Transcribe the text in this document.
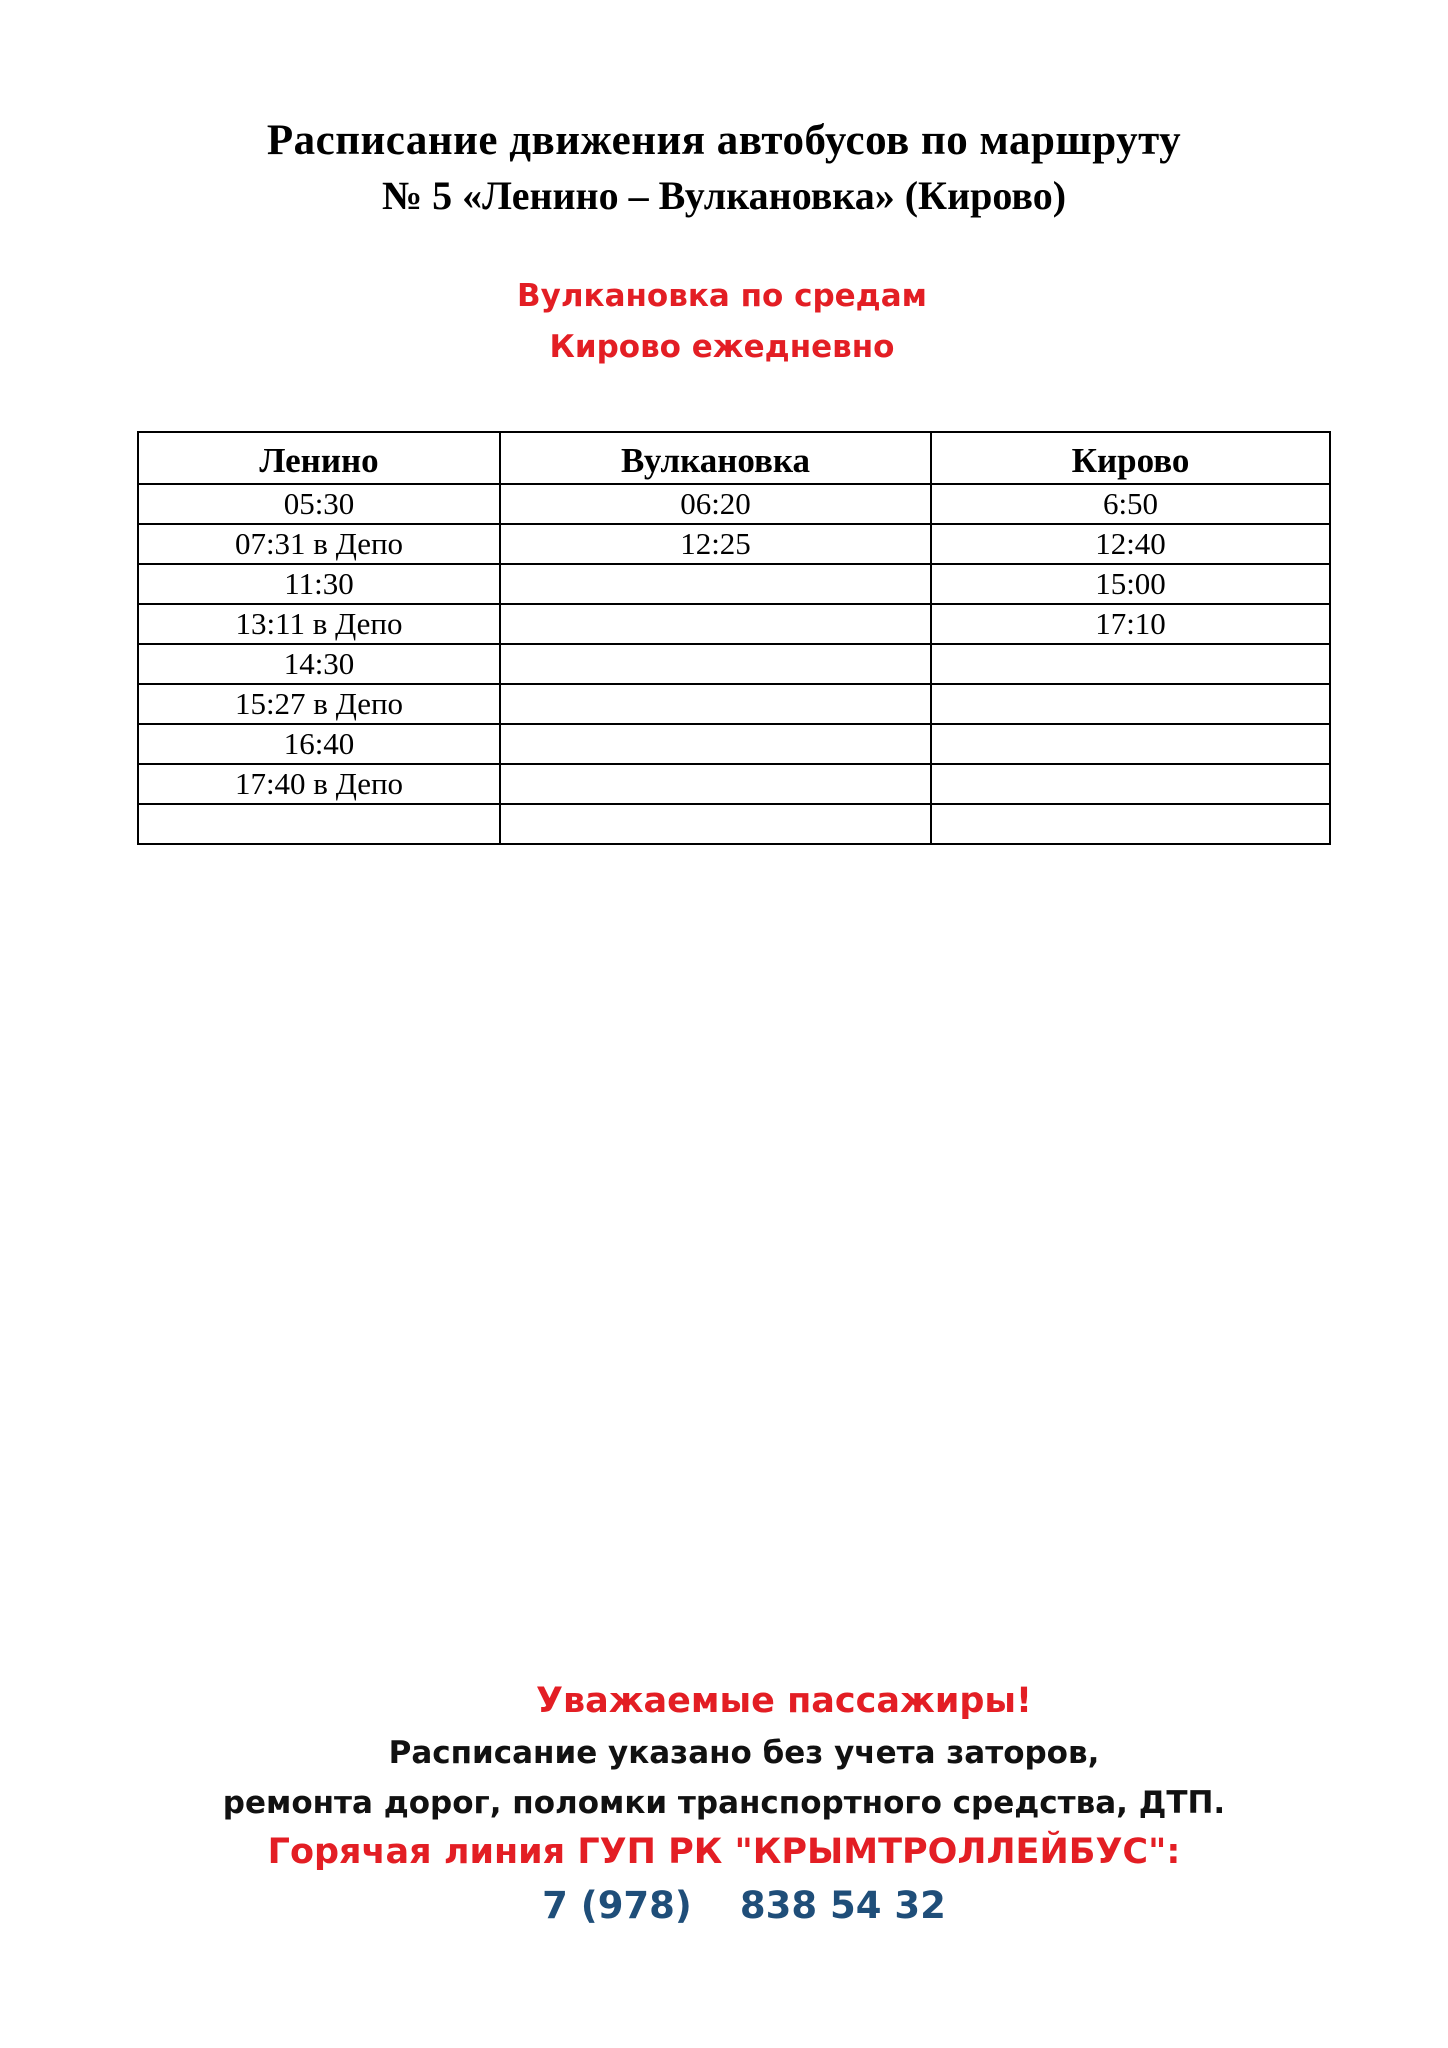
Расписание движения автобусов по маршруту
№ 5 «Ленино – Вулкановка» (Кирово)
Вулкановка по средам
Кирово ежедневно
Ленино	Вулкановка	Кирово
05:30	06:20	6:50
07:31 в Депо	12:25	12:40
11:30		15:00
13:11 в Депо		17:10
14:30		
15:27 в Депо		
16:40		
17:40 в Депо		

Уважаемые пассажиры!
Расписание указано без учета заторов,
ремонта дорог, поломки транспортного средства, ДТП.
Горячая линия ГУП РК "КРЫМТРОЛЛЕЙБУС":
7 (978) 838 54 32
